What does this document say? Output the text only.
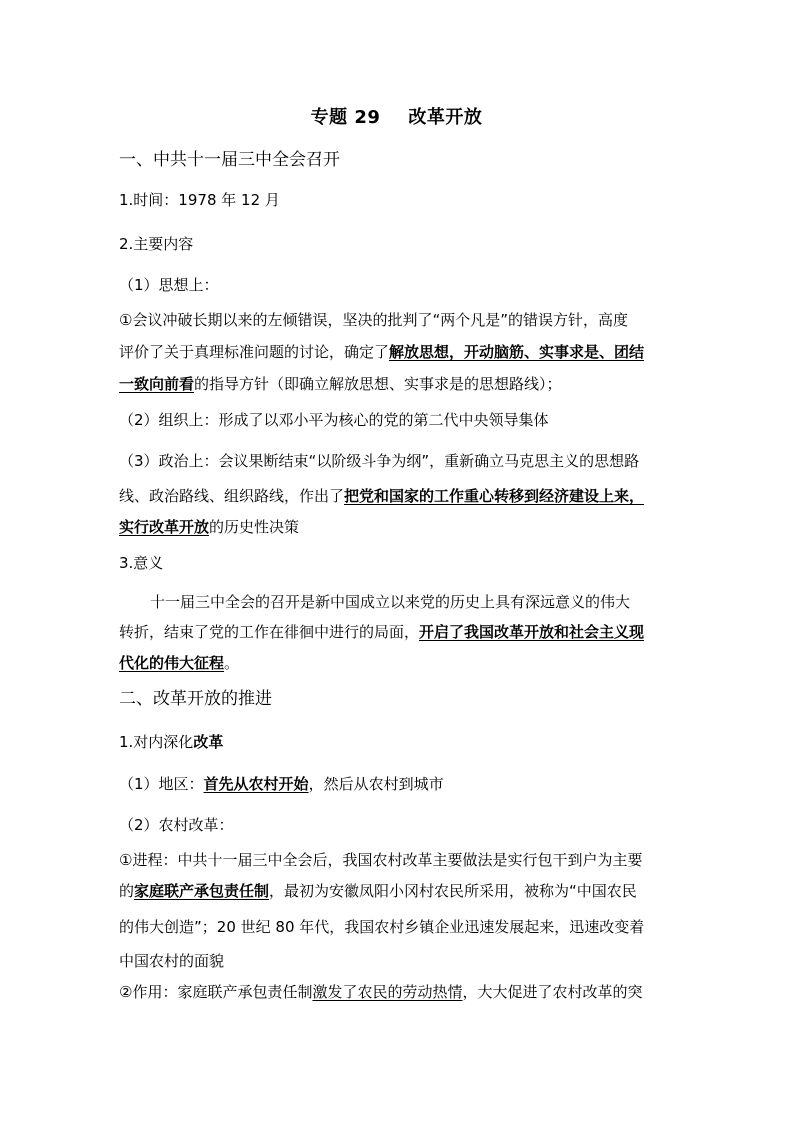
专题 29 改革开放
一、中共十一届三中全会召开
1.时间：1978 年 12 月
2.主要内容
（1）思想上：
①会议冲破长期以来的左倾错误，坚决的批判了“两个凡是”的错误方针，高度
评价了关于真理标准问题的讨论，确定了解放思想，开动脑筋、实事求是、团结
一致向前看的指导方针（即确立解放思想、实事求是的思想路线）；
（2）组织上：形成了以邓小平为核心的党的第二代中央领导集体
（3）政治上：会议果断结束“以阶级斗争为纲”，重新确立马克思主义的思想路
线、政治路线、组织路线，作出了把党和国家的工作重心转移到经济建设上来，
实行改革开放的历史性决策
3.意义
十一届三中全会的召开是新中国成立以来党的历史上具有深远意义的伟大
转折，结束了党的工作在徘徊中进行的局面，开启了我国改革开放和社会主义现
代化的伟大征程。
二、改革开放的推进
1.对内深化改革
（1）地区：首先从农村开始，然后从农村到城市
（2）农村改革：
①进程：中共十一届三中全会后，我国农村改革主要做法是实行包干到户为主要
的家庭联产承包责任制，最初为安徽凤阳小冈村农民所采用，被称为“中国农民
的伟大创造”；20 世纪 80 年代，我国农村乡镇企业迅速发展起来，迅速改变着
中国农村的面貌
②作用：家庭联产承包责任制激发了农民的劳动热情，大大促进了农村改革的突
